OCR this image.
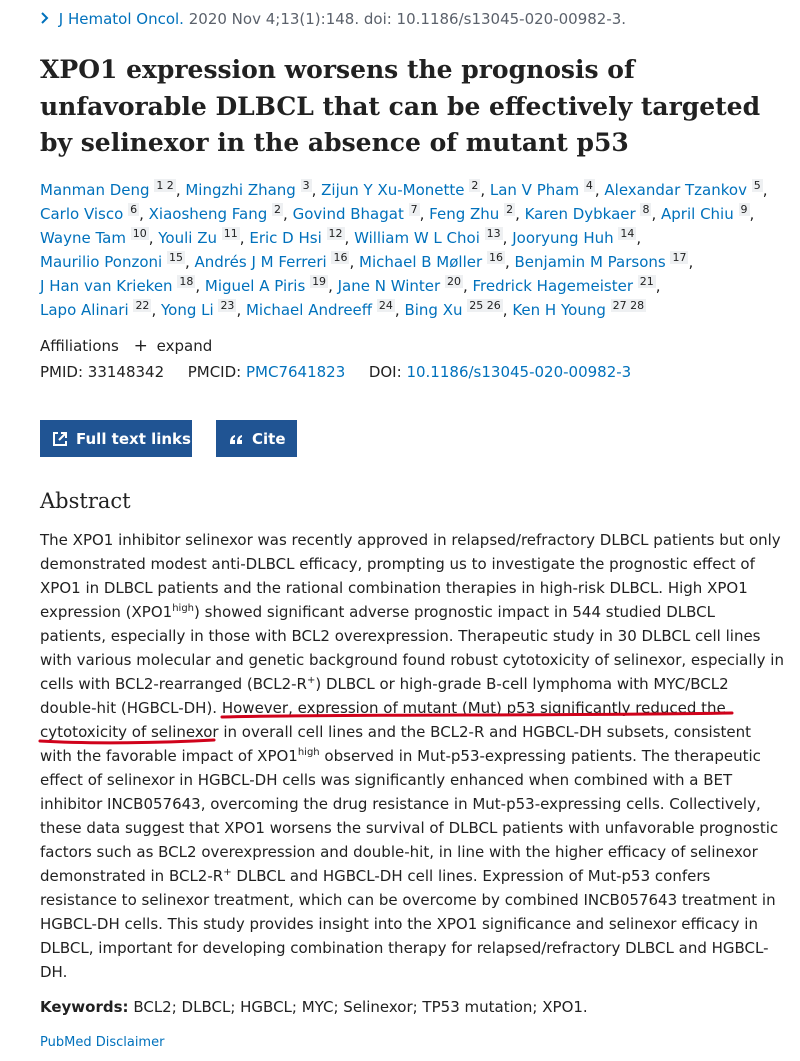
J Hematol Oncol. 2020 Nov 4;13(1):148. doi: 10.1186/s13045-020-00982-3.
XPO1 expression worsens the prognosis of
unfavorable DLBCL that can be effectively targeted
by selinexor in the absence of mutant p53
Manman Deng $^{1 2}$ , Mingzhi Zhang $^3$ , Zijun Y Xu-Monette $^2$ , Lan V Pham $^4$ , Alexandar Tzankov $^5$ ,
Carlo Visco $^6$ , Xiaosheng Fang $^2$ , Govind Bhagat $^7$ , Feng Zhu $^2$ , Karen Dybkaer $^8$ , April Chiu $^9$ ,
Wayne Tam $^{10}$ , Youli Zu $^{11}$ , Eric D Hsi $^{12}$ , William W L Choi $^{13}$ , Jooryung Huh $^{14}$ ,
Maurilio Ponzoni $^{15}$ , Andrés J M Ferreri $^{16}$ , Michael B Møller $^{16}$ , Benjamin M Parsons $^{17}$ ,
J Han van Krieken $^{18}$ , Miguel A Piris $^{19}$ , Jane N Winter $^{20}$ , Fredrick Hagemeister $^{21}$ ,
Lapo Alinari $^{22}$ , Yong Li $^{23}$ , Michael Andreeff $^{24}$ , Bing Xu $^{25 26}$ , Ken H Young $^{27 28}$
Affiliations + expand
PMID: 33148342 PMCID: PMC7641823 DOI: 10.1186/s13045-020-00982-3
Full text links	Cite
Abstract
The XPO1 inhibitor selinexor was recently approved in relapsed/refractory DLBCL patients but only
demonstrated modest anti-DLBCL efficacy, prompting us to investigate the prognostic effect of
XPO1 in DLBCL patients and the rational combination therapies in high-risk DLBCL. High XPO1
expression $(XPO1^{high})$ showed significant adverse prognostic impact in 544 studied DLBCL
patients, especially in those with BCL2 overexpression. Therapeutic study in 30 DLBCL cell lines
with various molecular and genetic background found robust cytotoxicity of selinexor, especially in
cells with BCL2-rearranged (BCL2-R+) DLBCL or high-grade B-cell lymphoma with MYC/BCL2
double-hit (HGBCL-DH). However, expression of mutant (Mut) p53 significantly reduced the
cytotoxicity of selinexor in overall cell lines and the BCL2-R and HGBCL-DH subsets, consistent
with the favorable impact of $XPO1^{high}$ observed in Mut-p53-expressing patients. The therapeutic
effect of selinexor in HGBCL-DH cells was significantly enhanced when combined with a BET
inhibitor INCB057643, overcoming the drug resistance in Mut-p53-expressing cells. Collectively,
these data suggest that XPO1 worsens the survival of DLBCL patients with unfavorable prognostic
factors such as BCL2 overexpression and double-hit, in line with the higher efficacy of selinexor
demonstrated in BCL2-R+ DLBCL and HGBCL-DH cell lines. Expression of Mut-p53 confers
resistance to selinexor treatment, which can be overcome by combined INCB057643 treatment in
HGBCL-DH cells. This study provides insight into the XPO1 significance and selinexor efficacy in
DLBCL, important for developing combination therapy for relapsed/refractory DLBCL and HGBCL-
DH.
Keywords: BCL2; DLBCL; HGBCL; MYC; Selinexor; TP53 mutation; XPO1.
PubMed Disclaimer
